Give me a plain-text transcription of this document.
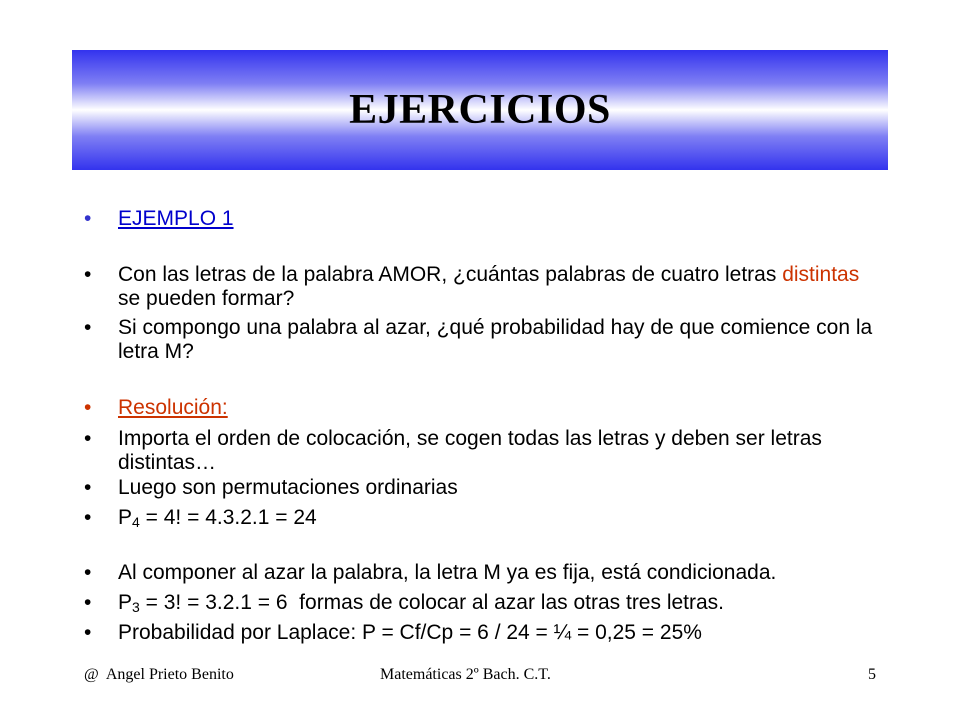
EJERCICIOS
•	EJEMPLO 1
•	Con las letras de la palabra AMOR, ¿cuántas palabras de cuatro letras distintas se pueden formar?
•	Si compongo una palabra al azar, ¿qué probabilidad hay de que comience con la letra M?
•	Resolución:
•	Importa el orden de colocación, se cogen todas las letras y deben ser letras distintas…
•	Luego son permutaciones ordinarias
•	$P_4 = 4$! = 4.3.2.1 = 24
•	Al componer al azar la palabra, la letra M ya es fija, está condicionada.
•	$P_3 = 3$! = 3.2.1 = 6  formas de colocar al azar las otras tres letras.
•	Probabilidad por Laplace: P = Cf/Cp = 6 / 24 = ¼ = 0,25 = 25%
@  Angel Prieto Benito	Matemáticas 2º Bach. C.T.	5
